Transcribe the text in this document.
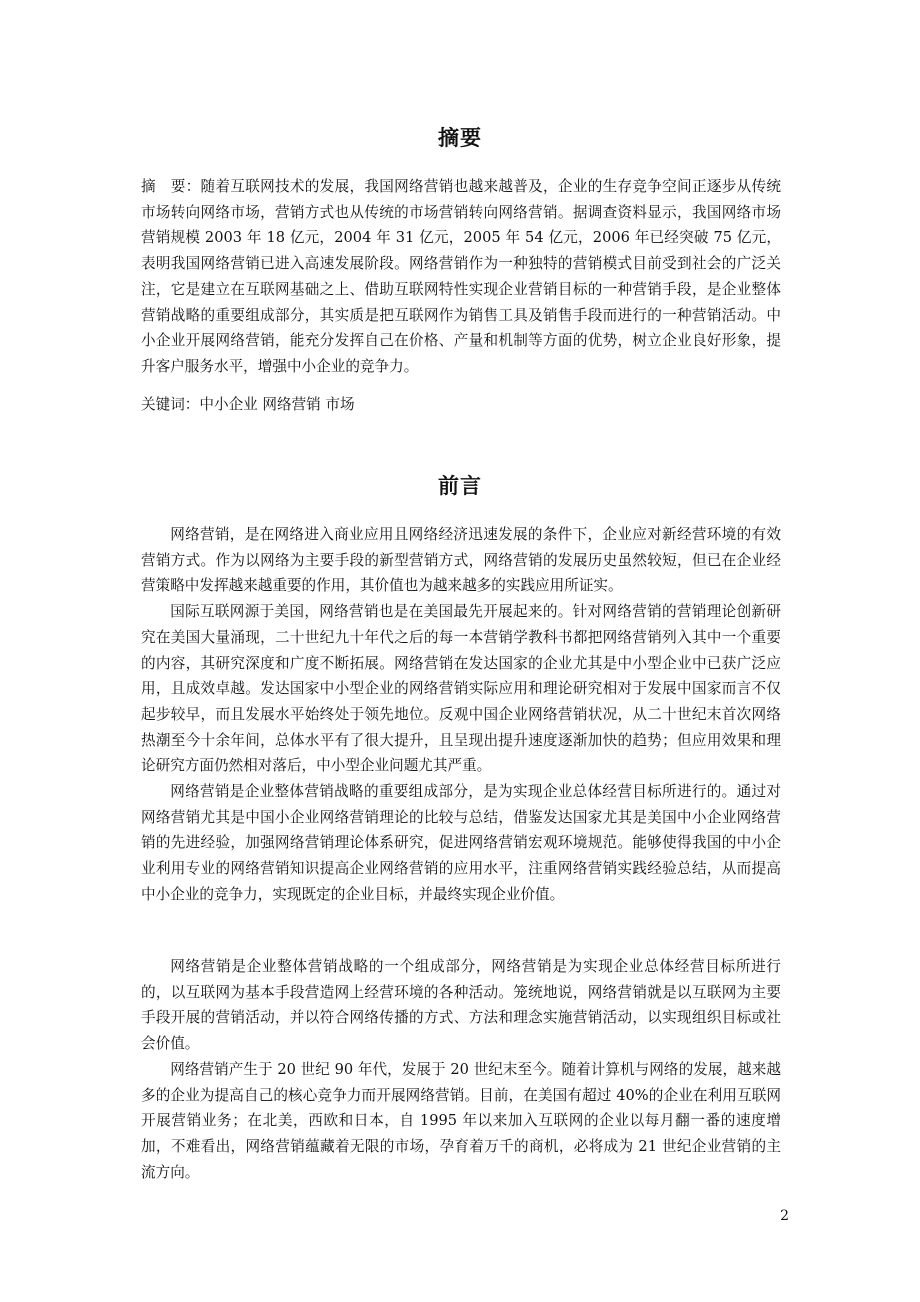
摘要

摘　要：随着互联网技术的发展，我国网络营销也越来越普及，企业的生存竞争空间正逐步从传统市场转向网络市场，营销方式也从传统的市场营销转向网络营销。据调查资料显示，我国网络市场营销规模 2003 年 18 亿元，2004 年 31 亿元，2005 年 54 亿元，2006 年已经突破 75 亿元，表明我国网络营销已进入高速发展阶段。网络营销作为一种独特的营销模式目前受到社会的广泛关注，它是建立在互联网基础之上、借助互联网特性实现企业营销目标的一种营销手段，是企业整体营销战略的重要组成部分，其实质是把互联网作为销售工具及销售手段而进行的一种营销活动。中小企业开展网络营销，能充分发挥自己在价格、产量和机制等方面的优势，树立企业良好形象，提升客户服务水平，增强中小企业的竞争力。

关键词：中小企业 网络营销 市场

前言

网络营销，是在网络进入商业应用且网络经济迅速发展的条件下，企业应对新经营环境的有效营销方式。作为以网络为主要手段的新型营销方式，网络营销的发展历史虽然较短，但已在企业经营策略中发挥越来越重要的作用，其价值也为越来越多的实践应用所证实。

国际互联网源于美国，网络营销也是在美国最先开展起来的。针对网络营销的营销理论创新研究在美国大量涌现，二十世纪九十年代之后的每一本营销学教科书都把网络营销列入其中一个重要的内容，其研究深度和广度不断拓展。网络营销在发达国家的企业尤其是中小型企业中已获广泛应用，且成效卓越。发达国家中小型企业的网络营销实际应用和理论研究相对于发展中国家而言不仅起步较早，而且发展水平始终处于领先地位。反观中国企业网络营销状况，从二十世纪末首次网络热潮至今十余年间，总体水平有了很大提升，且呈现出提升速度逐渐加快的趋势；但应用效果和理论研究方面仍然相对落后，中小型企业问题尤其严重。

网络营销是企业整体营销战略的重要组成部分，是为实现企业总体经营目标所进行的。通过对网络营销尤其是中国小企业网络营销理论的比较与总结，借鉴发达国家尤其是美国中小企业网络营销的先进经验，加强网络营销理论体系研究，促进网络营销宏观环境规范。能够使得我国的中小企业利用专业的网络营销知识提高企业网络营销的应用水平，注重网络营销实践经验总结，从而提高中小企业的竞争力，实现既定的企业目标，并最终实现企业价值。

网络营销是企业整体营销战略的一个组成部分，网络营销是为实现企业总体经营目标所进行的，以互联网为基本手段营造网上经营环境的各种活动。笼统地说，网络营销就是以互联网为主要手段开展的营销活动，并以符合网络传播的方式、方法和理念实施营销活动，以实现组织目标或社会价值。

网络营销产生于 20 世纪 90 年代，发展于 20 世纪末至今。随着计算机与网络的发展，越来越多的企业为提高自己的核心竞争力而开展网络营销。目前，在美国有超过 40%的企业在利用互联网开展营销业务；在北美，西欧和日本，自 1995 年以来加入互联网的企业以每月翻一番的速度增加，不难看出，网络营销蕴藏着无限的市场，孕育着万千的商机，必将成为 21 世纪企业营销的主流方向。

2
